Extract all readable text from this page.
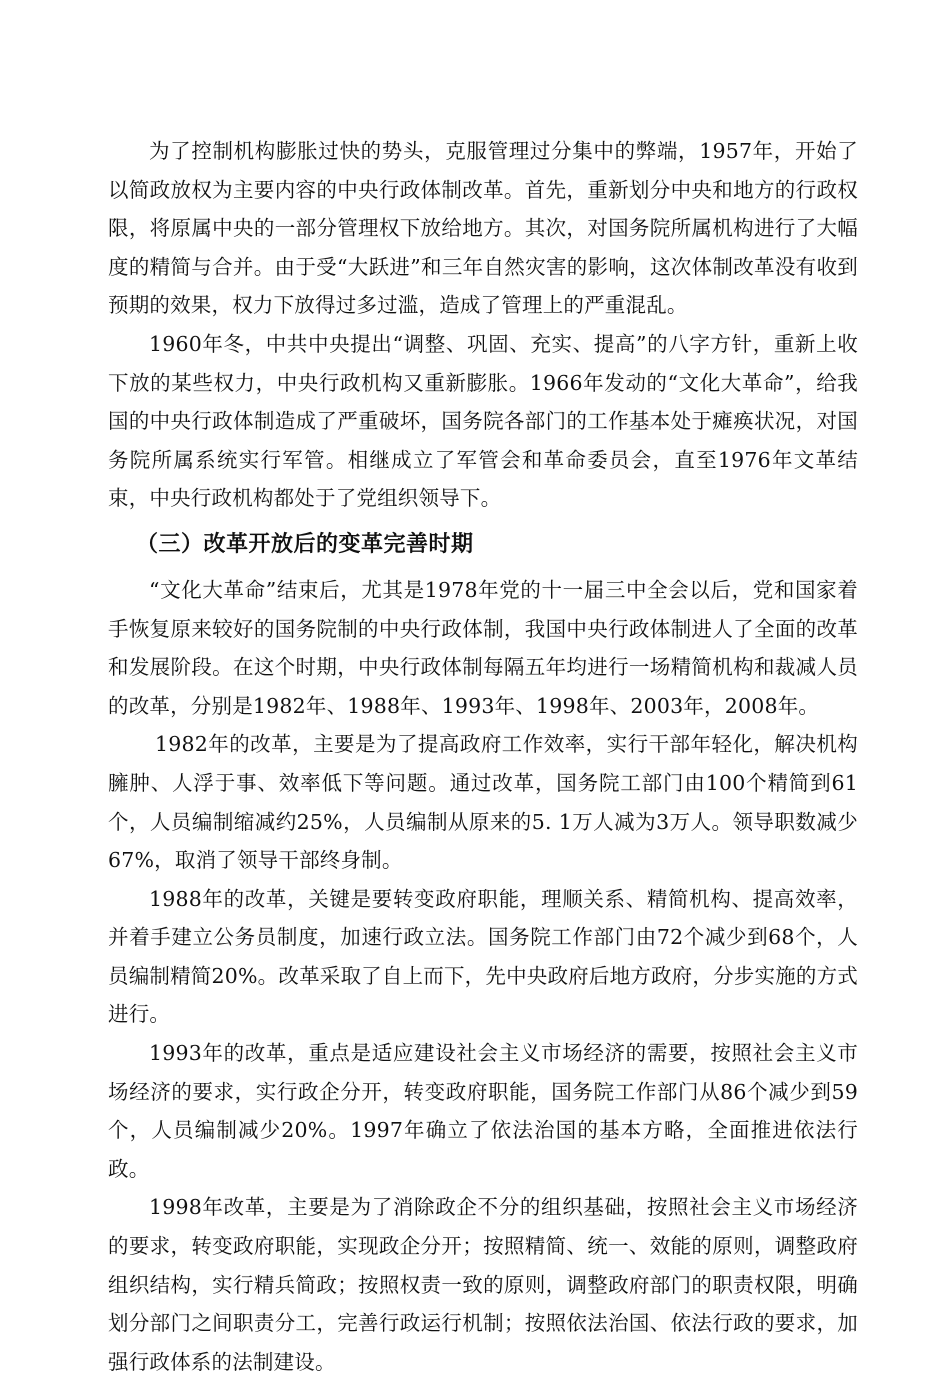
为了控制机构膨胀过快的势头，克服管理过分集中的弊端，1957年，开始了以简政放权为主要内容的中央行政体制改革。首先，重新划分中央和地方的行政权限，将原属中央的一部分管理权下放给地方。其次，对国务院所属机构进行了大幅度的精简与合并。由于受“大跃进”和三年自然灾害的影响，这次体制改革没有收到预期的效果，权力下放得过多过滥，造成了管理上的严重混乱。

1960年冬，中共中央提出“调整、巩固、充实、提高”的八字方针，重新上收下放的某些权力，中央行政机构又重新膨胀。1966年发动的“文化大革命”，给我国的中央行政体制造成了严重破坏，国务院各部门的工作基本处于瘫痪状况，对国务院所属系统实行军管。相继成立了军管会和革命委员会，直至1976年文革结束，中央行政机构都处于了党组织领导下。

（三）改革开放后的变革完善时期

“文化大革命”结束后，尤其是1978年党的十一届三中全会以后，党和国家着手恢复原来较好的国务院制的中央行政体制，我国中央行政体制进人了全面的改革和发展阶段。在这个时期，中央行政体制每隔五年均进行一场精简机构和裁减人员的改革，分别是1982年、1988年、1993年、1998年、2003年，2008年。

1982年的改革，主要是为了提高政府工作效率，实行干部年轻化，解决机构臃肿、人浮于事、效率低下等问题。通过改革，国务院工部门由100个精简到61个，人员编制缩减约25%，人员编制从原来的5. 1万人减为3万人。领导职数减少67%，取消了领导干部终身制。

1988年的改革，关键是要转变政府职能，理顺关系、精简机构、提高效率，并着手建立公务员制度，加速行政立法。国务院工作部门由72个减少到68个，人员编制精简20%。改革采取了自上而下，先中央政府后地方政府，分步实施的方式进行。

1993年的改革，重点是适应建设社会主义市场经济的需要，按照社会主义市场经济的要求，实行政企分开，转变政府职能，国务院工作部门从86个减少到59个，人员编制减少20%。1997年确立了依法治国的基本方略，全面推进依法行政。

1998年改革，主要是为了消除政企不分的组织基础，按照社会主义市场经济的要求，转变政府职能，实现政企分开；按照精简、统一、效能的原则，调整政府组织结构，实行精兵简政；按照权责一致的原则，调整政府部门的职责权限，明确划分部门之间职责分工，完善行政运行机制；按照依法治国、依法行政的要求，加强行政体系的法制建设。
